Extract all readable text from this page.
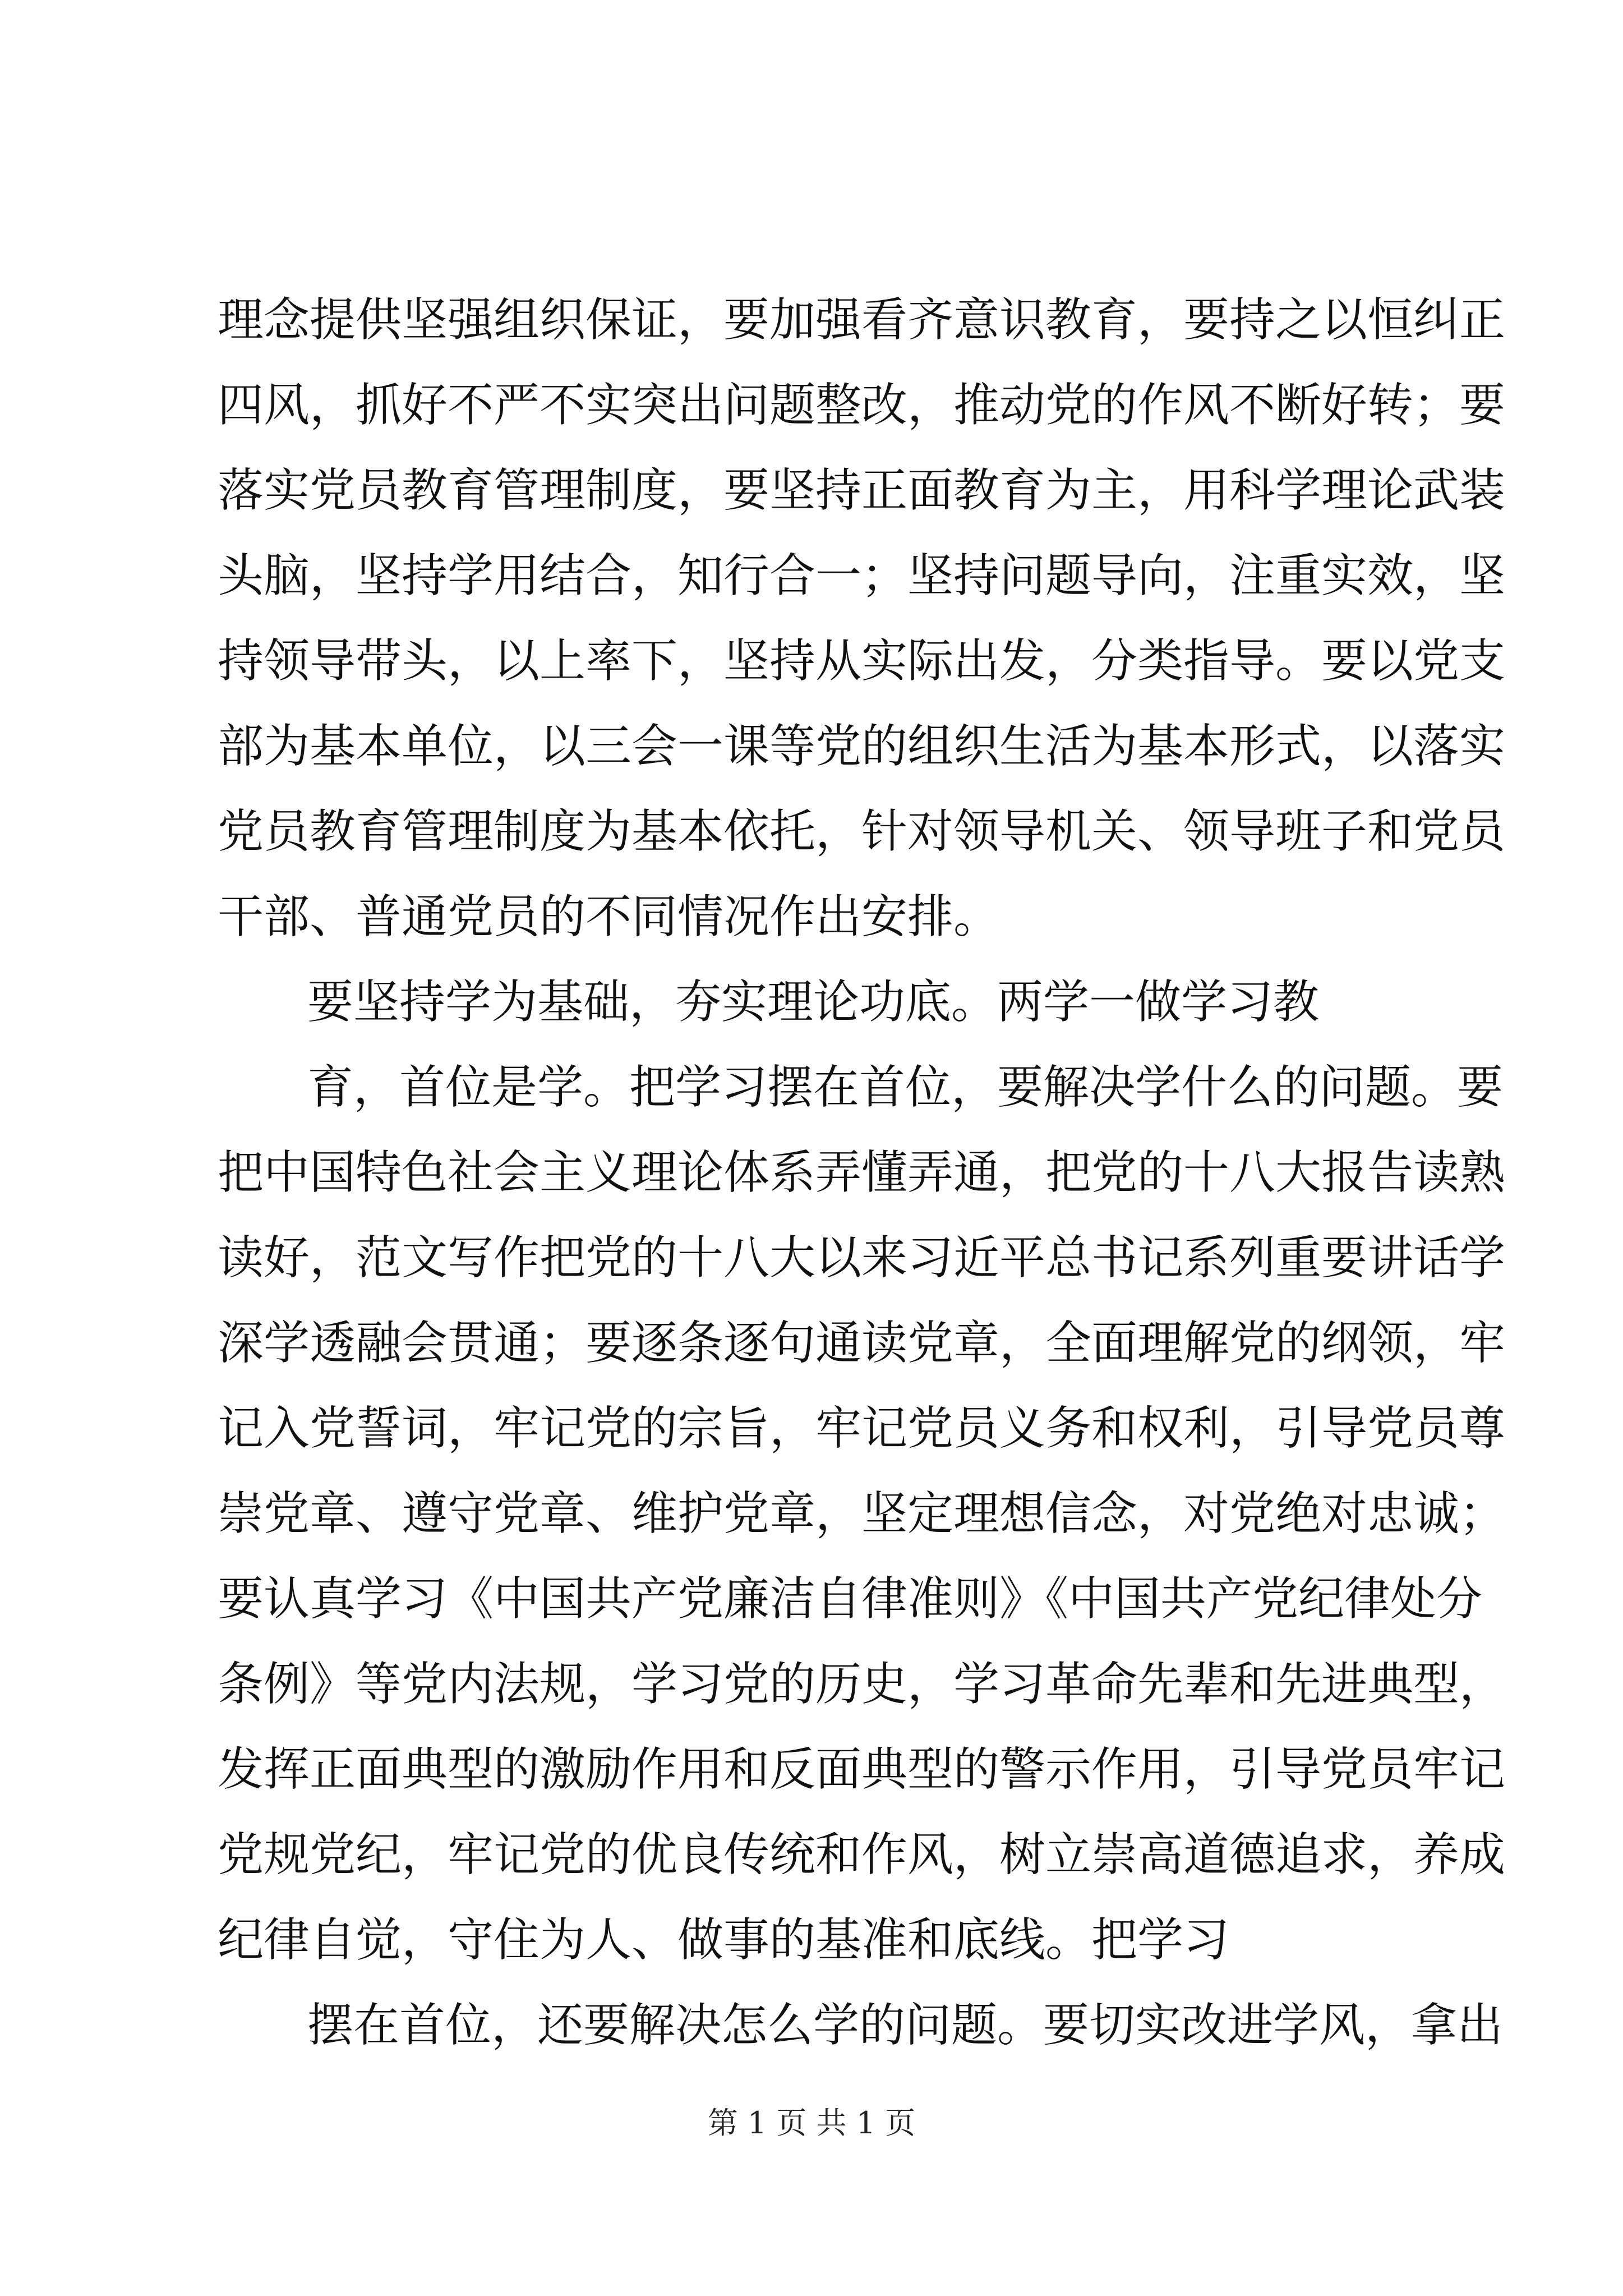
理念提供坚强组织保证，要加强看齐意识教育，要持之以恒纠正
四风，抓好不严不实突出问题整改，推动党的作风不断好转；要
落实党员教育管理制度，要坚持正面教育为主，用科学理论武装
头脑，坚持学用结合，知行合一；坚持问题导向，注重实效，坚
持领导带头，以上率下，坚持从实际出发，分类指导。要以党支
部为基本单位，以三会一课等党的组织生活为基本形式，以落实
党员教育管理制度为基本依托，针对领导机关、领导班子和党员
干部、普通党员的不同情况作出安排。
要坚持学为基础，夯实理论功底。两学一做学习教
育，首位是学。把学习摆在首位，要解决学什么的问题。要
把中国特色社会主义理论体系弄懂弄通，把党的十八大报告读熟
读好，范文写作把党的十八大以来习近平总书记系列重要讲话学
深学透融会贯通；要逐条逐句通读党章，全面理解党的纲领，牢
记入党誓词，牢记党的宗旨，牢记党员义务和权利，引导党员尊
崇党章、遵守党章、维护党章，坚定理想信念，对党绝对忠诚；
要认真学习《中国共产党廉洁自律准则》《中国共产党纪律处分
条例》等党内法规，学习党的历史，学习革命先辈和先进典型，
发挥正面典型的激励作用和反面典型的警示作用，引导党员牢记
党规党纪，牢记党的优良传统和作风，树立崇高道德追求，养成
纪律自觉，守住为人、做事的基准和底线。把学习
摆在首位，还要解决怎么学的问题。要切实改进学风，拿出
第 1 页 共 1 页
